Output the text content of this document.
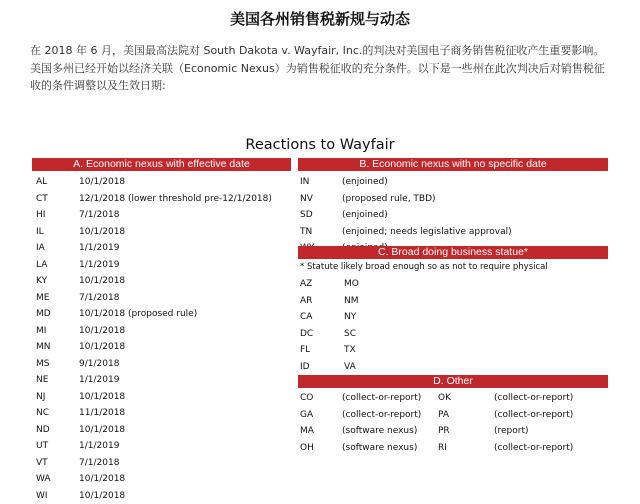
美国各州销售税新规与动态
在 2018 年 6 月，美国最高法院对 South Dakota v. Wayfair, Inc.的判决对美国电子商务销售税征收产生重要影响。美国多州已经开始以经济关联（Economic Nexus）为销售税征收的充分条件。以下是一些州在此次判决后对销售税征收的条件调整以及生效日期:
Reactions to Wayfair
A. Economic nexus with effective date
AL	10/1/2018
CT	12/1/2018 (lower threshold pre-12/1/2018)
HI	7/1/2018
IL	10/1/2018
IA	1/1/2019
LA	1/1/2019
KY	10/1/2018
ME	7/1/2018
MD	10/1/2018 (proposed rule)
MI	10/1/2018
MN	10/1/2018
MS	9/1/2018
NE	1/1/2019
NJ	10/1/2018
NC	11/1/2018
ND	10/1/2018
UT	1/1/2019
VT	7/1/2018
WA	10/1/2018
WI	10/1/2018
B. Economic nexus with no specific date
IN	(enjoined)
NV	(proposed rule, TBD)
SD	(enjoined)
TN	(enjoined; needs legislative approval)
C. Broad doing business statue*
* Statute likely broad enough so as not to require physical
AZ	MO
AR	NM
CA	NY
DC	SC
FL	TX
ID	VA
D. Other
CO	(collect-or-report) OK	(collect-or-report)
GA	(collect-or-report) PA	(collect-or-report)
MA	(software nexus) PR	(report)
OH	(software nexus) RI	(collect-or-report)
